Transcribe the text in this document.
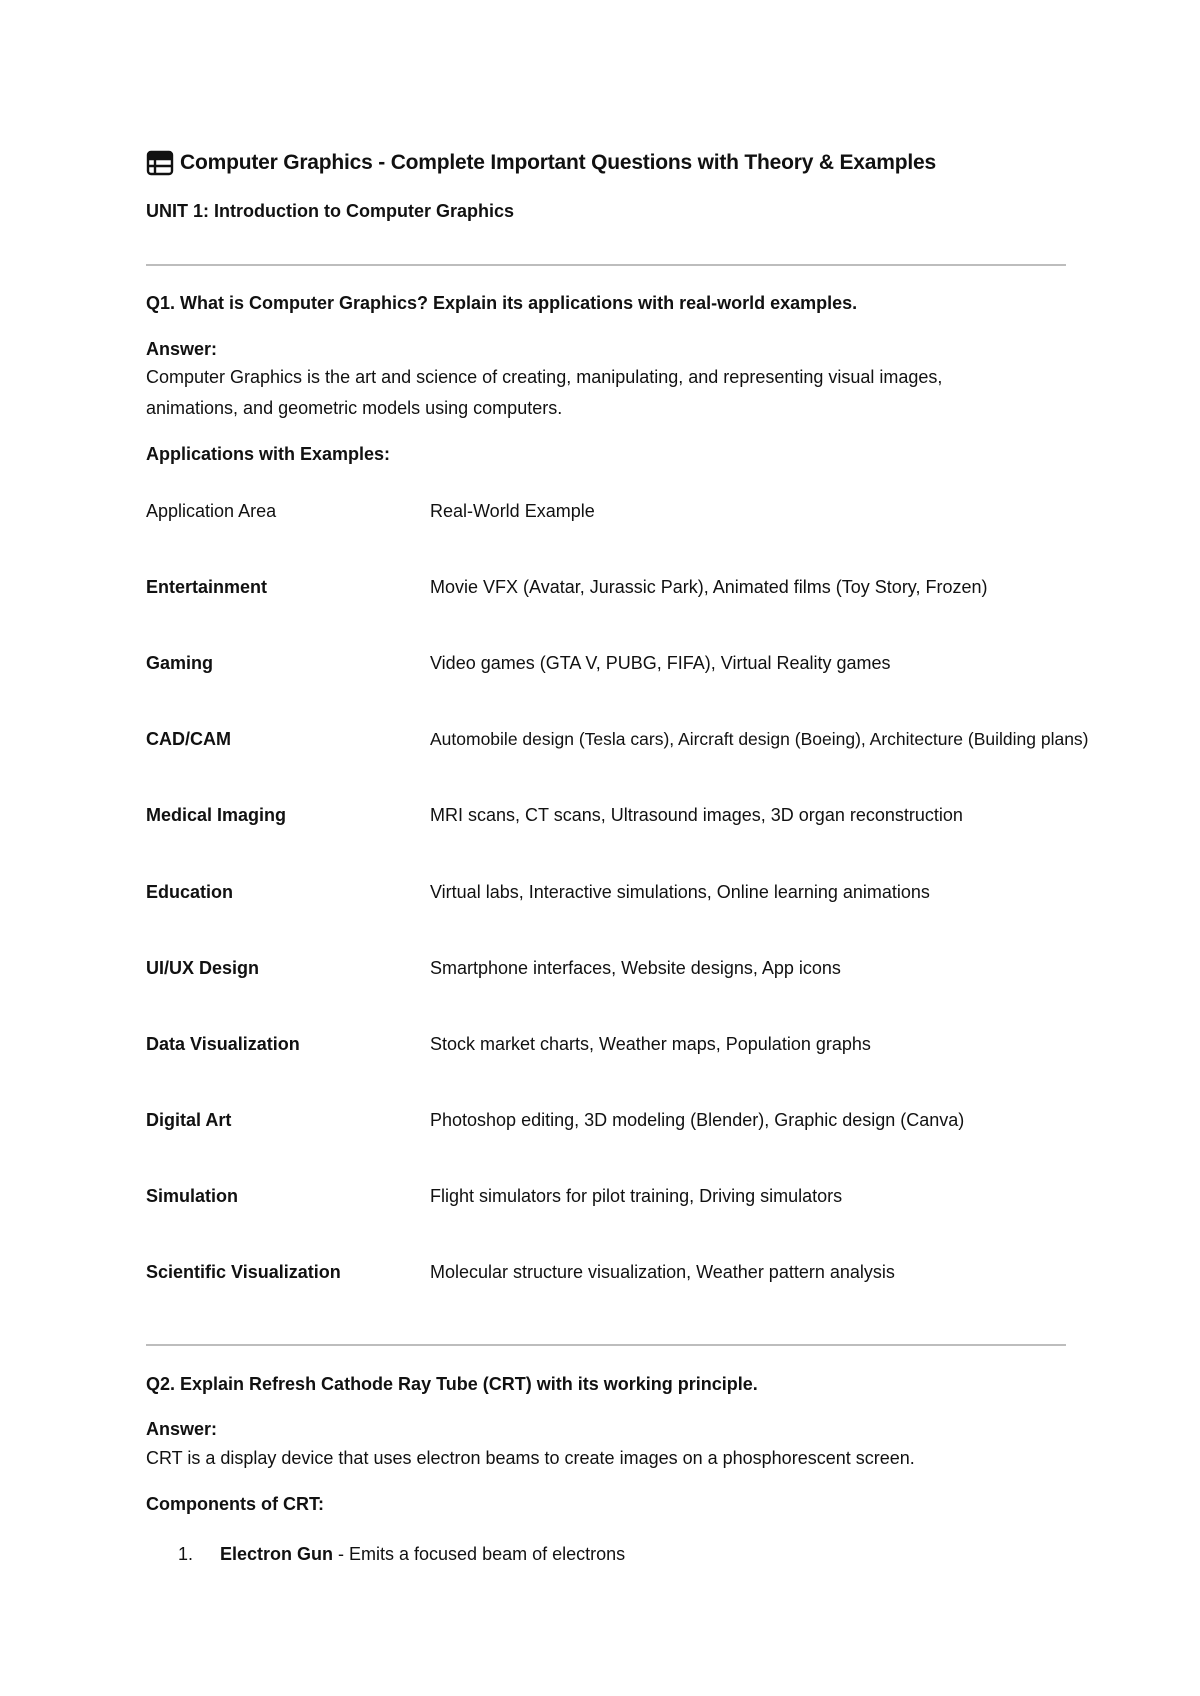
Computer Graphics - Complete Important Questions with Theory & Examples
UNIT 1: Introduction to Computer Graphics
Q1. What is Computer Graphics? Explain its applications with real-world examples.
Answer:
Computer Graphics is the art and science of creating, manipulating, and representing visual images,
animations, and geometric models using computers.
Applications with Examples:
Application Area	Real-World Example
Entertainment	Movie VFX (Avatar, Jurassic Park), Animated films (Toy Story, Frozen)
Gaming	Video games (GTA V, PUBG, FIFA), Virtual Reality games
CAD/CAM	Automobile design (Tesla cars), Aircraft design (Boeing), Architecture (Building plans)
Medical Imaging	MRI scans, CT scans, Ultrasound images, 3D organ reconstruction
Education	Virtual labs, Interactive simulations, Online learning animations
UI/UX Design	Smartphone interfaces, Website designs, App icons
Data Visualization	Stock market charts, Weather maps, Population graphs
Digital Art	Photoshop editing, 3D modeling (Blender), Graphic design (Canva)
Simulation	Flight simulators for pilot training, Driving simulators
Scientific Visualization	Molecular structure visualization, Weather pattern analysis
Q2. Explain Refresh Cathode Ray Tube (CRT) with its working principle.
Answer:
CRT is a display device that uses electron beams to create images on a phosphorescent screen.
Components of CRT:
1. Electron Gun - Emits a focused beam of electrons
